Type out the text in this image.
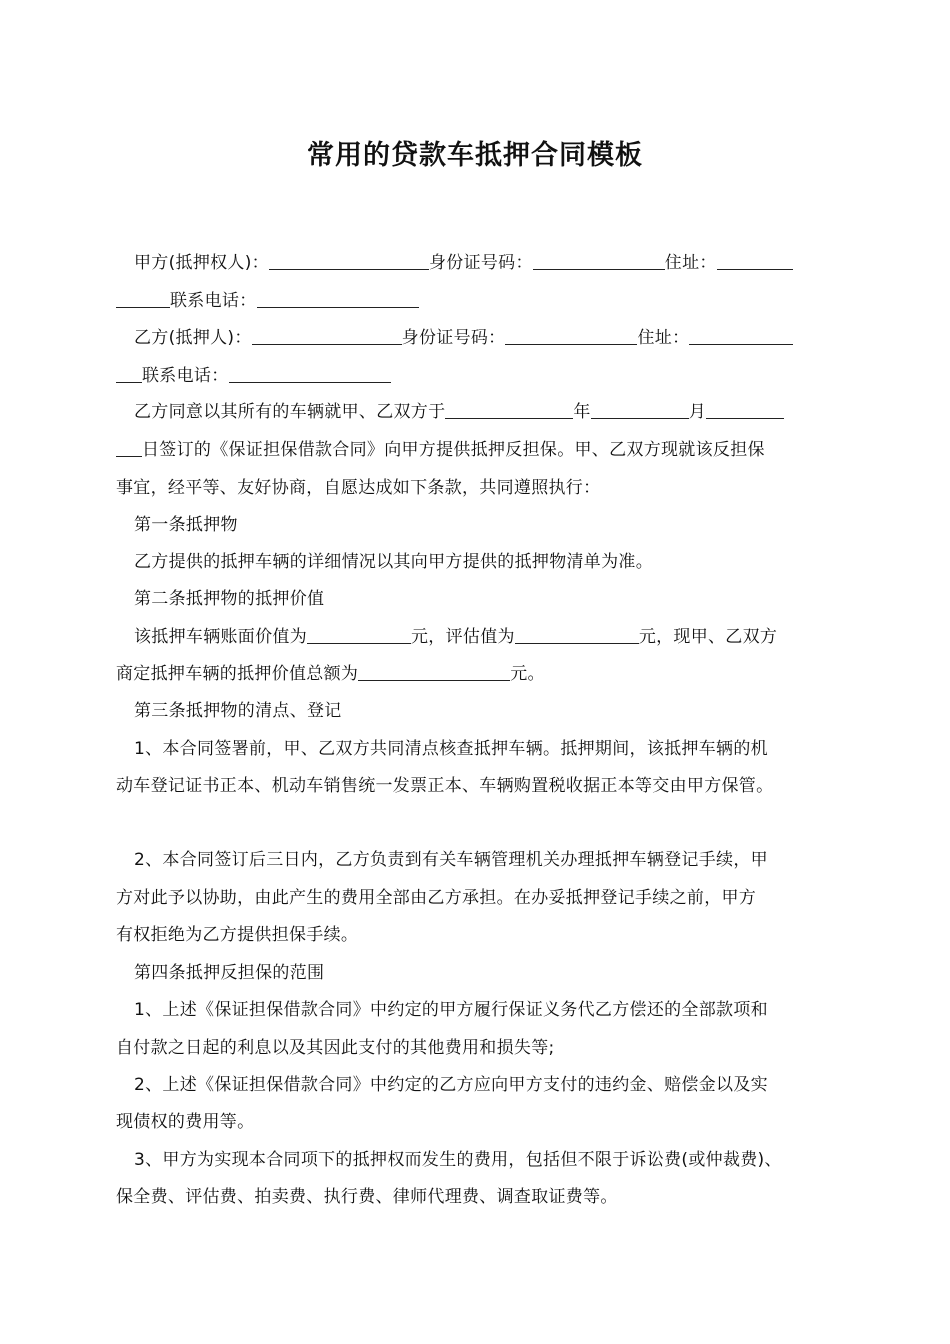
常用的贷款车抵押合同模板
甲方(抵押权人)：	身份证号码：	住址：
联系电话：
乙方(抵押人)：	身份证号码：	住址：
联系电话：
乙方同意以其所有的车辆就甲、乙双方于	年	月
日签订的《保证担保借款合同》向甲方提供抵押反担保。甲、乙双方现就该反担保
事宜，经平等、友好协商，自愿达成如下条款，共同遵照执行：
第一条抵押物
乙方提供的抵押车辆的详细情况以其向甲方提供的抵押物清单为准。
第二条抵押物的抵押价值
该抵押车辆账面价值为	元，评估值为	元，现甲、乙双方
商定抵押车辆的抵押价值总额为	元。
第三条抵押物的清点、登记
1、本合同签署前，甲、乙双方共同清点核查抵押车辆。抵押期间，该抵押车辆的机
动车登记证书正本、机动车销售统一发票正本、车辆购置税收据正本等交由甲方保管。
2、本合同签订后三日内，乙方负责到有关车辆管理机关办理抵押车辆登记手续，甲
方对此予以协助，由此产生的费用全部由乙方承担。在办妥抵押登记手续之前，甲方
有权拒绝为乙方提供担保手续。
第四条抵押反担保的范围
1、上述《保证担保借款合同》中约定的甲方履行保证义务代乙方偿还的全部款项和
自付款之日起的利息以及其因此支付的其他费用和损失等;
2、上述《保证担保借款合同》中约定的乙方应向甲方支付的违约金、赔偿金以及实
现债权的费用等。
3、甲方为实现本合同项下的抵押权而发生的费用，包括但不限于诉讼费(或仲裁费)、
保全费、评估费、拍卖费、执行费、律师代理费、调查取证费等。
